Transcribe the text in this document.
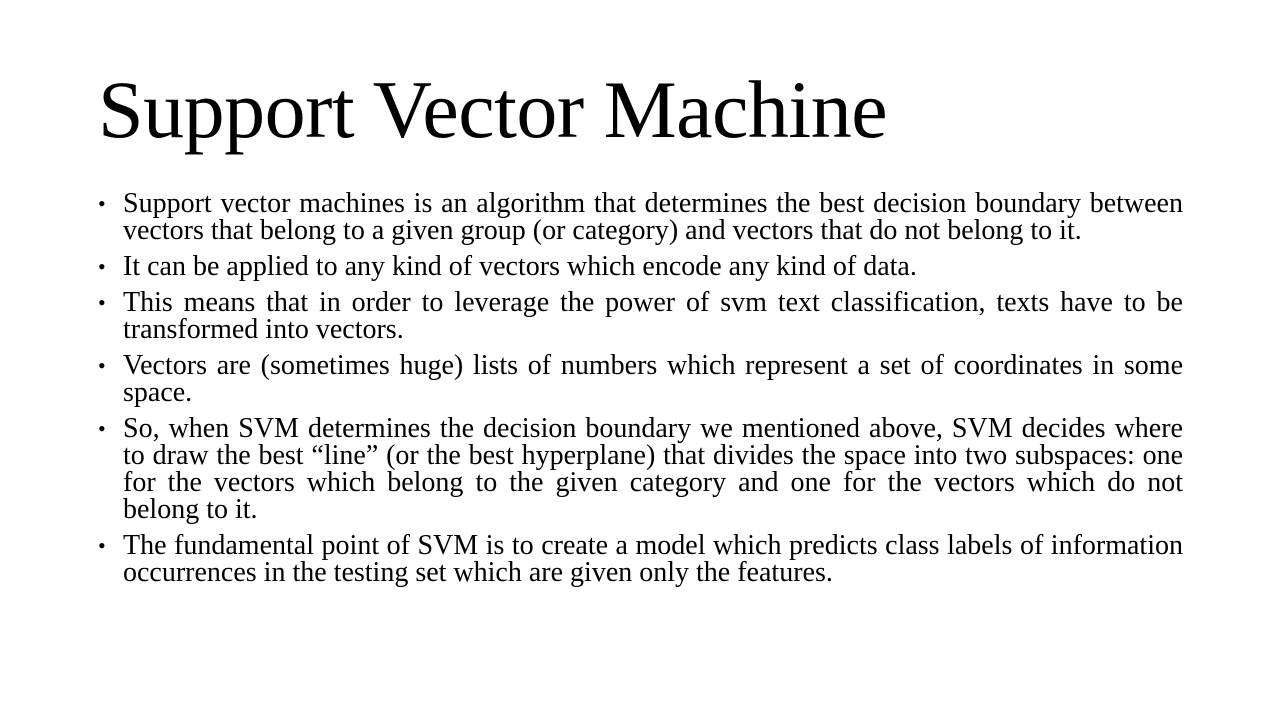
Support Vector Machine
• Support vector machines is an algorithm that determines the best decision boundary between vectors that belong to a given group (or category) and vectors that do not belong to it.
• It can be applied to any kind of vectors which encode any kind of data.
• This means that in order to leverage the power of svm text classification, texts have to be transformed into vectors.
• Vectors are (sometimes huge) lists of numbers which represent a set of coordinates in some space.
• So, when SVM determines the decision boundary we mentioned above, SVM decides where to draw the best “line” (or the best hyperplane) that divides the space into two subspaces: one for the vectors which belong to the given category and one for the vectors which do not belong to it.
• The fundamental point of SVM is to create a model which predicts class labels of information occurrences in the testing set which are given only the features.
